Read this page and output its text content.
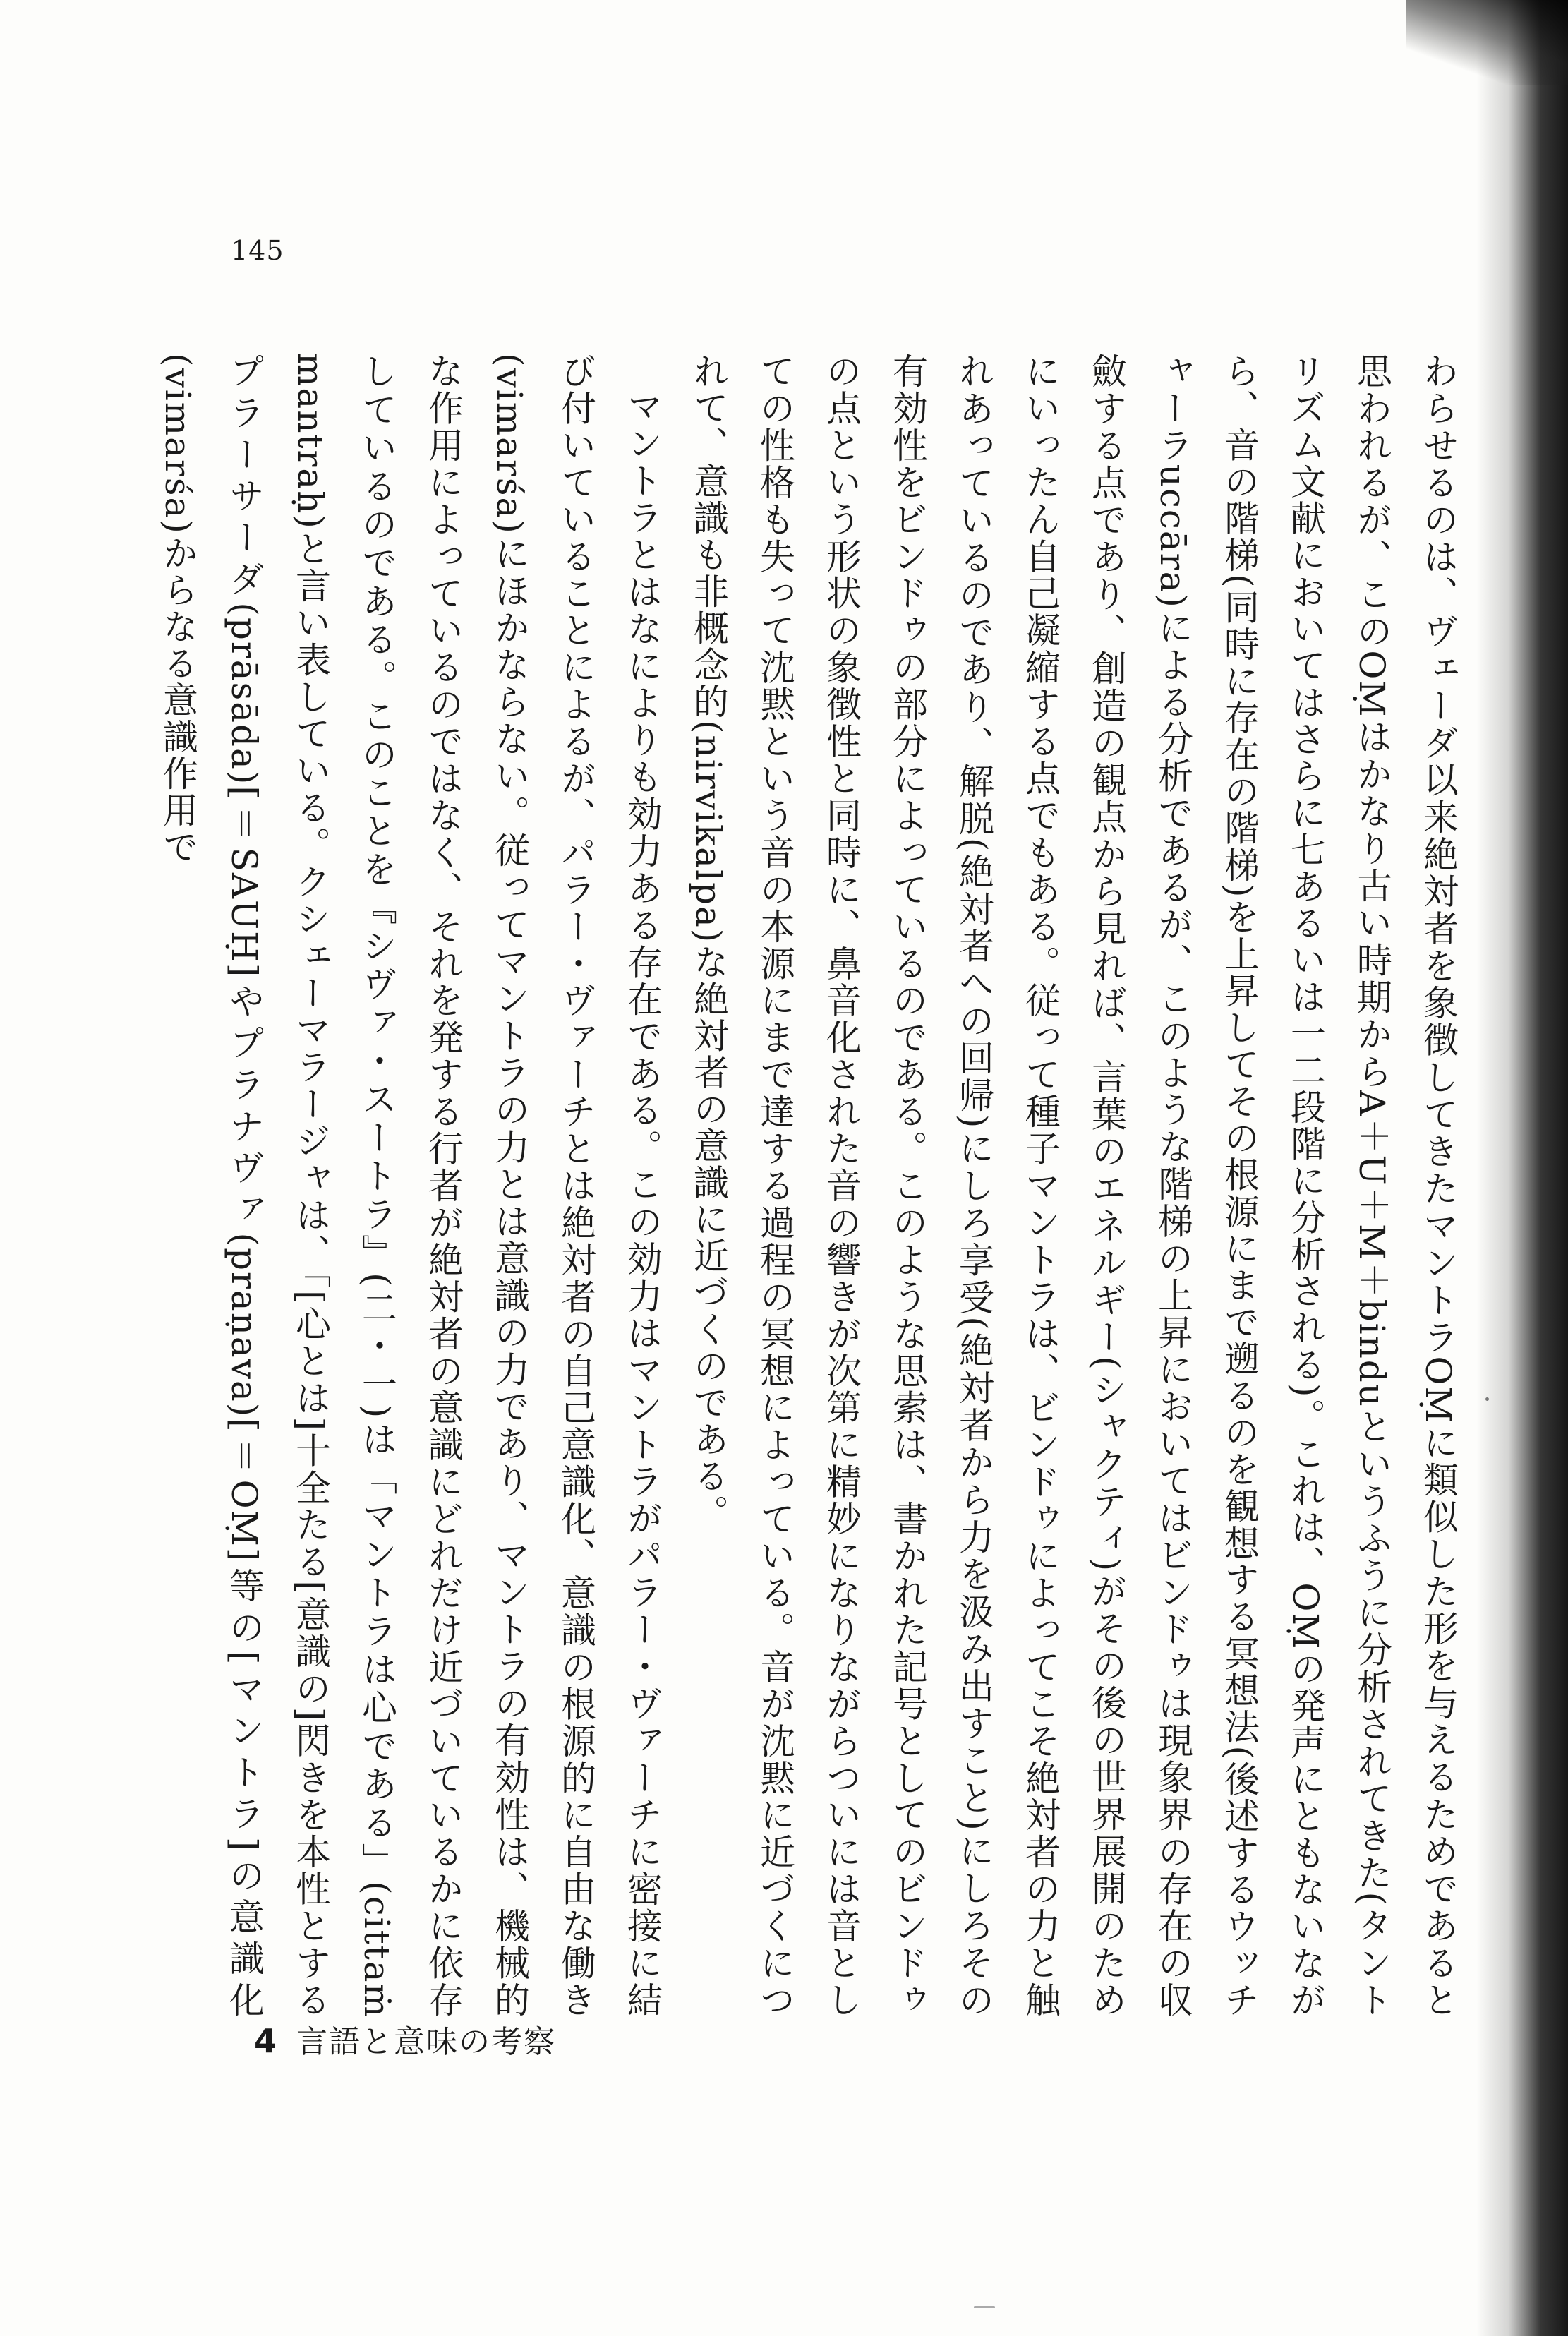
145

わらせるのは、ヴェーダ以来絶対者を象徴してきたマントラOṂに類似した形を与えるためであると思われるが、このOṂはかなり古い時期からA＋U＋M＋binduというふうに分析されてきた(タントリズム文献においてはさらに七あるいは一二段階に分析される)。これは、OṂの発声にともないながら、音の階梯(同時に存在の階梯)を上昇してその根源にまで遡るのを観想する冥想法(後述するウッチャーラuccāra)による分析であるが、このような階梯の上昇においてはビンドゥは現象界の存在の収斂する点であり、創造の観点から見れば、言葉のエネルギー(シャクティ)がその後の世界展開のためにいったん自己凝縮する点でもある。従って種子マントラは、ビンドゥによってこそ絶対者の力と触れあっているのであり、解脱(絶対者への回帰)にしろ享受(絶対者から力を汲み出すこと)にしろその有効性をビンドゥの部分によっているのである。このような思索は、書かれた記号としてのビンドゥの点という形状の象徴性と同時に、鼻音化された音の響きが次第に精妙になりながらついには音としての性格も失って沈黙という音の本源にまで達する過程の冥想によっている。音が沈黙に近づくにつれて、意識も非概念的(nirvikalpa)な絶対者の意識に近づくのである。

マントラとはなによりも効力ある存在である。この効力はマントラがパラー・ヴァーチに密接に結び付いていることによるが、パラー・ヴァーチとは絶対者の自己意識化、意識の根源的に自由な働き(vimarśa)にほかならない。従ってマントラの力とは意識の力であり、マントラの有効性は、機械的な作用によっているのではなく、それを発する行者が絶対者の意識にどれだけ近づいているかに依存しているのである。このことを『シヴァ・スートラ』(二・一)は「マントラは心である」(cittaṁ mantraḥ)と言い表している。クシェーマラージャは、「[心とは]十全たる[意識の]閃きを本性とするプラーサーダ(prāsāda)[＝SAUḤ]やプラナヴァ(praṇava)[＝OṂ]等の[マントラ]の意識化(vimarśa)からなる意識作用で

4 言語と意味の考察
